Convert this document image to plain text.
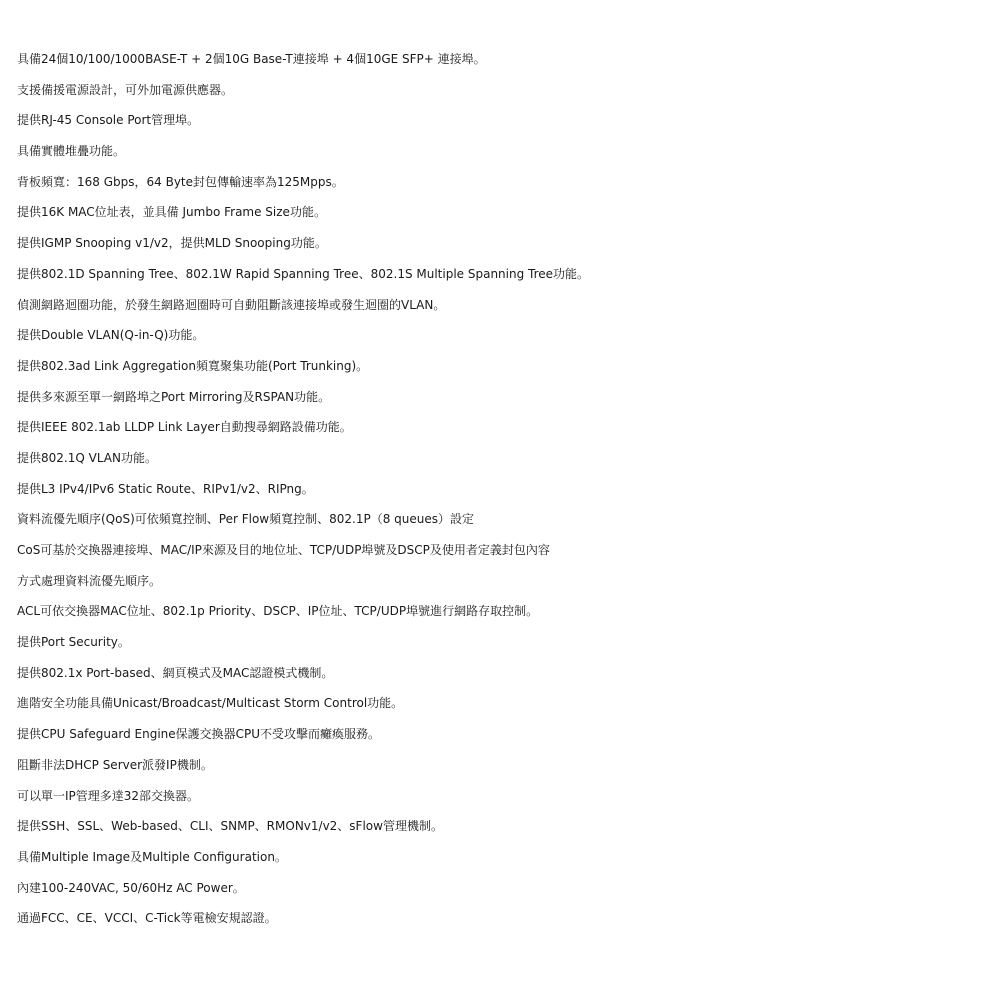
具備24個10/100/1000BASE-T + 2個10G Base-T連接埠 + 4個10GE SFP+ 連接埠。
支援備援電源設計，可外加電源供應器。
提供RJ-45 Console Port管理埠。
具備實體堆疊功能。
背板頻寬：168 Gbps，64 Byte封包傳輸速率為125Mpps。
提供16K MAC位址表，並具備 Jumbo Frame Size功能。
提供IGMP Snooping v1/v2，提供MLD Snooping功能。
提供802.1D Spanning Tree、802.1W Rapid Spanning Tree、802.1S Multiple Spanning Tree功能。
偵測網路迴圈功能，於發生網路迴圈時可自動阻斷該連接埠或發生迴圈的VLAN。
提供Double VLAN(Q-in-Q)功能。
提供802.3ad Link Aggregation頻寬聚集功能(Port Trunking)。
提供多來源至單一網路埠之Port Mirroring及RSPAN功能。
提供IEEE 802.1ab LLDP Link Layer自動搜尋網路設備功能。
提供802.1Q VLAN功能。
提供L3 IPv4/IPv6 Static Route、RIPv1/v2、RIPng。
資料流優先順序(QoS)可依頻寬控制、Per Flow頻寬控制、802.1P（8 queues）設定
CoS可基於交換器連接埠、MAC/IP來源及目的地位址、TCP/UDP埠號及DSCP及使用者定義封包內容
方式處理資料流優先順序。
ACL可依交換器MAC位址、802.1p Priority、DSCP、IP位址、TCP/UDP埠號進行網路存取控制。
提供Port Security。
提供802.1x Port-based、網頁模式及MAC認證模式機制。
進階安全功能具備Unicast/Broadcast/Multicast Storm Control功能。
提供CPU Safeguard Engine保護交換器CPU不受攻擊而癱瘓服務。
阻斷非法DHCP Server派發IP機制。
可以單一IP管理多達32部交換器。
提供SSH、SSL、Web-based、CLI、SNMP、RMONv1/v2、sFlow管理機制。
具備Multiple Image及Multiple Configuration。
內建100-240VAC, 50/60Hz AC Power。
通過FCC、CE、VCCI、C-Tick等電檢安規認證。
